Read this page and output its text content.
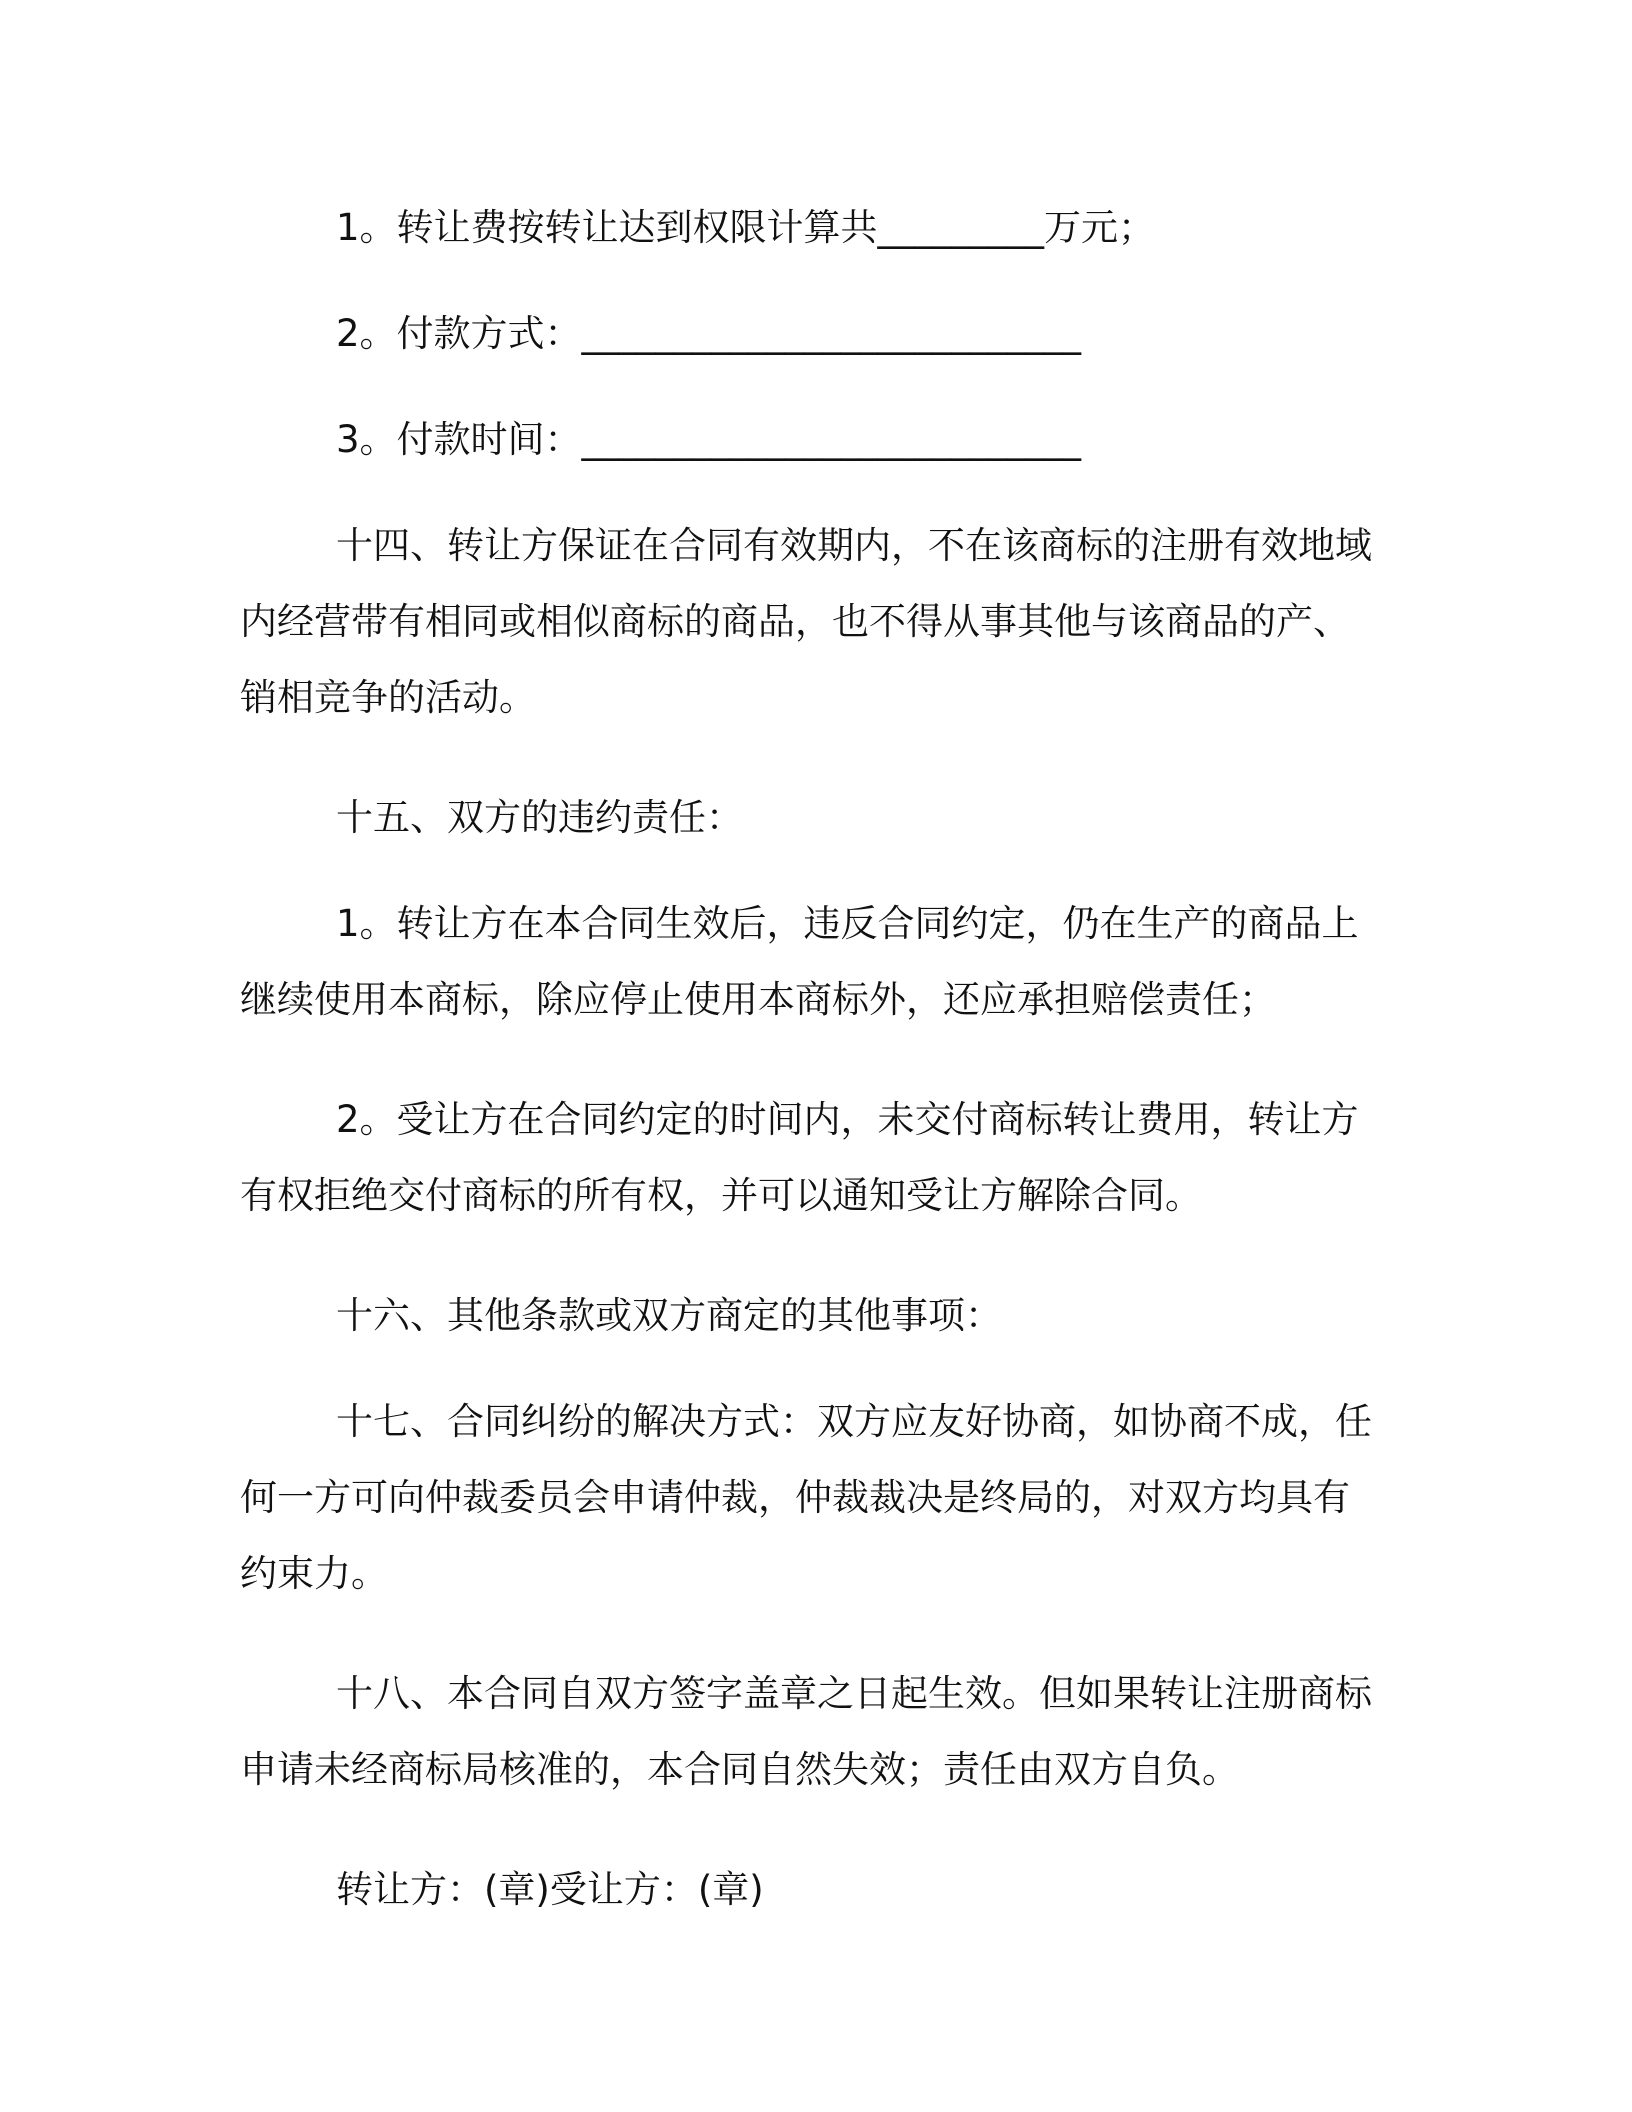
1。转让费按转让达到权限计算共_________万元；

2。付款方式：___________________________

3。付款时间：___________________________

十四、转让方保证在合同有效期内，不在该商标的注册有效地域内经营带有相同或相似商标的商品，也不得从事其他与该商品的产、销相竞争的活动。

十五、双方的违约责任：

1。转让方在本合同生效后，违反合同约定，仍在生产的商品上继续使用本商标，除应停止使用本商标外，还应承担赔偿责任；

2。受让方在合同约定的时间内，未交付商标转让费用，转让方有权拒绝交付商标的所有权，并可以通知受让方解除合同。

十六、其他条款或双方商定的其他事项：

十七、合同纠纷的解决方式：双方应友好协商，如协商不成，任何一方可向仲裁委员会申请仲裁，仲裁裁决是终局的，对双方均具有约束力。

十八、本合同自双方签字盖章之日起生效。但如果转让注册商标申请未经商标局核准的，本合同自然失效；责任由双方自负。

转让方：(章)受让方：(章)
